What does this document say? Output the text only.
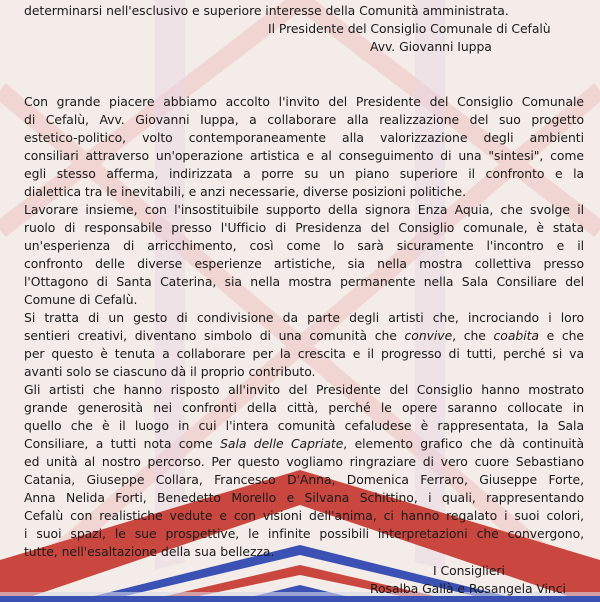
determinarsi nell'esclusivo e superiore interesse della Comunità amministrata.
Il Presidente del Consiglio Comunale di Cefalù
Avv. Giovanni Iuppa
Con grande piacere abbiamo accolto l'invito del Presidente del Consiglio Comunale
di Cefalù, Avv. Giovanni Iuppa, a collaborare alla realizzazione del suo progetto
estetico-politico, volto contemporaneamente alla valorizzazione degli ambienti
consiliari attraverso un'operazione artistica e al conseguimento di una "sintesi", come
egli stesso afferma, indirizzata a porre su un piano superiore il confronto e la
dialettica tra le inevitabili, e anzi necessarie, diverse posizioni politiche.
Lavorare insieme, con l'insostituibile supporto della signora Enza Aquia, che svolge il
ruolo di responsabile presso l'Ufficio di Presidenza del Consiglio comunale, è stata
un'esperienza di arricchimento, così come lo sarà sicuramente l'incontro e il
confronto delle diverse esperienze artistiche, sia nella mostra collettiva presso
l'Ottagono di Santa Caterina, sia nella mostra permanente nella Sala Consiliare del
Comune di Cefalù.
Si tratta di un gesto di condivisione da parte degli artisti che, incrociando i loro
sentieri creativi, diventano simbolo di una comunità che convive, che coabita e che
per questo è tenuta a collaborare per la crescita e il progresso di tutti, perché si va
avanti solo se ciascuno dà il proprio contributo.
Gli artisti che hanno risposto all'invito del Presidente del Consiglio hanno mostrato
grande generosità nei confronti della città, perché le opere saranno collocate in
quello che è il luogo in cui l'intera comunità cefaludese è rappresentata, la Sala
Consiliare, a tutti nota come Sala delle Capriate, elemento grafico che dà continuità
ed unità al nostro percorso. Per questo vogliamo ringraziare di vero cuore Sebastiano
Catania, Giuseppe Collara, Francesco D'Anna, Domenica Ferraro, Giuseppe Forte,
Anna Nelida Forti, Benedetto Morello e Silvana Schittino, i quali, rappresentando
Cefalù con realistiche vedute e con visioni dell'anima, ci hanno regalato i suoi colori,
i suoi spazi, le sue prospettive, le infinite possibili interpretazioni che convergono,
tutte, nell'esaltazione della sua bellezza.
I Consiglieri
Rosalba Gallà e Rosangela Vinci
